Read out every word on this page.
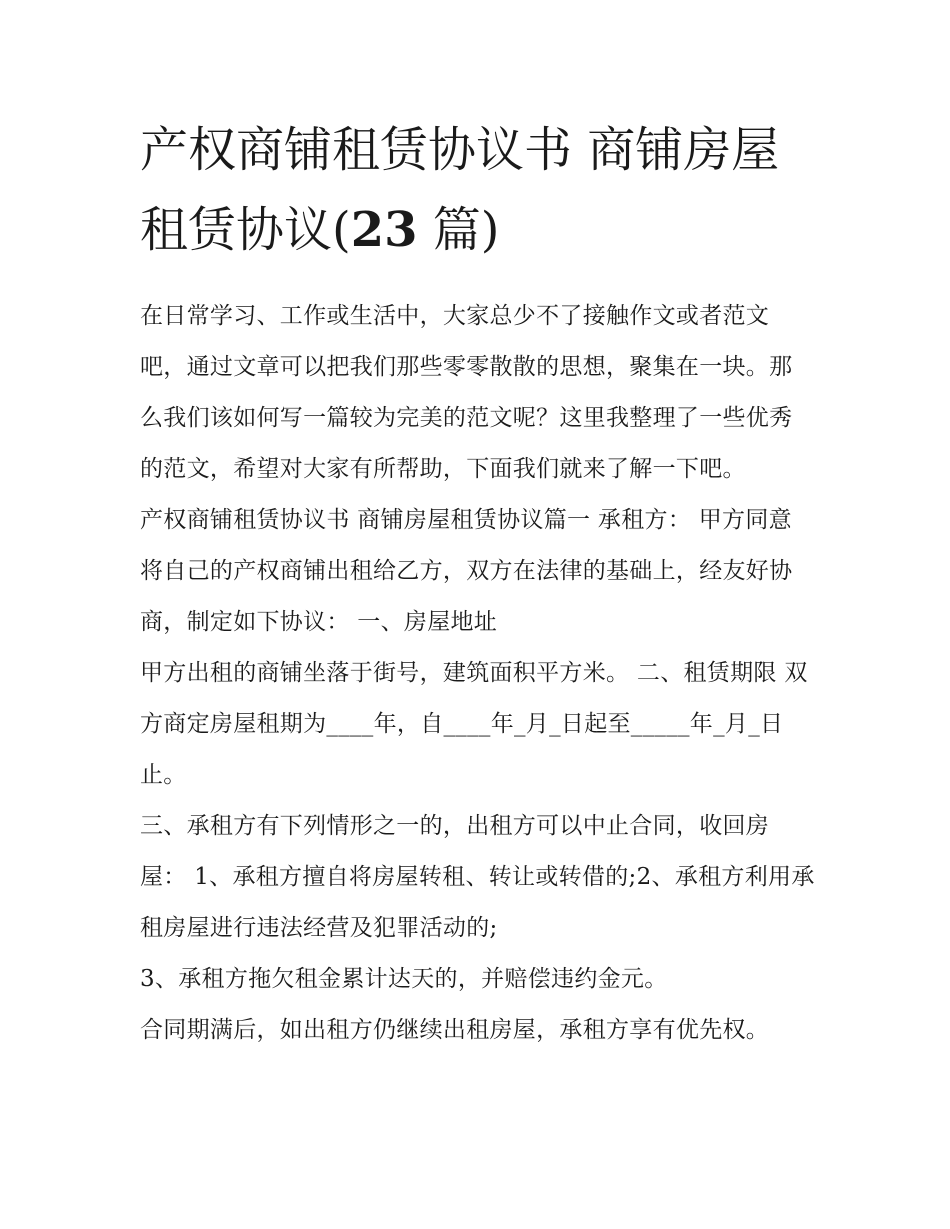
产权商铺租赁协议书 商铺房屋租赁协议(23 篇)

在日常学习、工作或生活中，大家总少不了接触作文或者范文吧，通过文章可以把我们那些零零散散的思想，聚集在一块。那么我们该如何写一篇较为完美的范文呢？这里我整理了一些优秀的范文，希望对大家有所帮助，下面我们就来了解一下吧。

产权商铺租赁协议书 商铺房屋租赁协议篇一 承租方： 甲方同意将自己的产权商铺出租给乙方，双方在法律的基础上，经友好协商，制定如下协议： 一、房屋地址

甲方出租的商铺坐落于街号，建筑面积平方米。 二、租赁期限 双方商定房屋租期为____年，自____年_月_日起至_____年_月_日止。

三、承租方有下列情形之一的，出租方可以中止合同，收回房屋： 1、承租方擅自将房屋转租、转让或转借的;2、承租方利用承租房屋进行违法经营及犯罪活动的;

3、承租方拖欠租金累计达天的，并赔偿违约金元。

合同期满后，如出租方仍继续出租房屋，承租方享有优先权。
